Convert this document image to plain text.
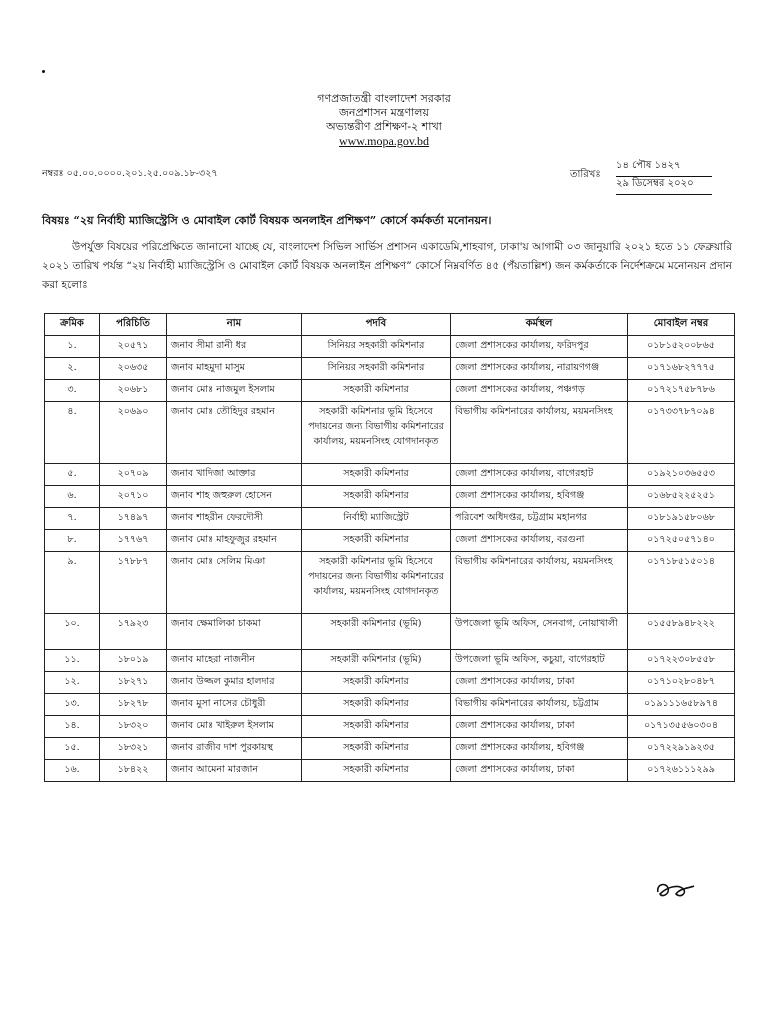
গণপ্রজাতন্ত্রী বাংলাদেশ সরকার
জনপ্রশাসন মন্ত্রণালয়
অভ্যন্তরীণ প্রশিক্ষণ-২ শাখা
www.mopa.gov.bd
নম্বরঃ ০৫.০০.০০০০.২০১.২৫.০০৯.১৮-৩২৭	তারিখঃ
১৪ পৌষ ১৪২৭
২৯ ডিসেম্বর ২০২০
বিষয়ঃ “২য় নির্বাহী ম্যাজিস্ট্রেসি ও মোবাইল কোর্ট বিষয়ক অনলাইন প্রশিক্ষণ” কোর্সে কর্মকর্তা মনোনয়ন।
উপর্যুক্ত বিষয়ের পরিপ্রেক্ষিতে জানানো যাচ্ছে যে, বাংলাদেশ সিভিল সার্ভিস প্রশাসন একাডেমি,শাহবাগ, ঢাকা'য় আগামী ০৩ জানুয়ারি ২০২১ হতে ১১ ফেব্রুয়ারি ২০২১ তারিখ পর্যন্ত “২য় নির্বাহী ম্যাজিস্ট্রেসি ও মোবাইল কোর্ট বিষয়ক অনলাইন প্রশিক্ষণ” কোর্সে নিম্নবর্ণিত ৪৫ (পঁয়তাল্লিশ) জন কর্মকর্তাকে নির্দেশক্রমে মনোনয়ন প্রদান করা হলোঃ
ক্রমিক	পরিচিতি	নাম	পদবি	কর্মস্থল	মোবাইল নম্বর
১.	২০৫৭১	জনাব সীমা রানী ধর	সিনিয়র সহকারী কমিশনার	জেলা প্রশাসকের কার্যালয়, ফরিদপুর	০১৮১৫২০০৮৬৫
২.	২০৬৩৫	জনাব মাহমুদা মাসুম	সিনিয়র সহকারী কমিশনার	জেলা প্রশাসকের কার্যালয়, নারায়ণগঞ্জ	০১৭১৬৮২৭৭৭৫
৩.	২০৬৮১	জনাব মোঃ নাজমুল ইসলাম	সহকারী কমিশনার	জেলা প্রশাসকের কার্যালয়, পঞ্চগড়	০১৭২১৭৫৮৭৮৬
৪.	২০৬৯০	জনাব মোঃ তৌহিদুর রহমান	সহকারী কমিশনার ভূমি হিসেবে পদায়নের জন্য বিভাগীয় কমিশনারের কার্যালয়, ময়মনসিংহ যোগদানকৃত	বিভাগীয় কমিশনারের কার্যালয়, ময়মনসিংহ	০১৭৩৩৭৮৭০৯৪
৫.	২০৭০৯	জনাব খাদিজা আক্তার	সহকারী কমিশনার	জেলা প্রশাসকের কার্যালয়, বাগেরহাট	০১৯২১০৩৬৫৫৩
৬.	২০৭১০	জনাব শাহ জহুরুল হোসেন	সহকারী কমিশনার	জেলা প্রশাসকের কার্যালয়, হবিগঞ্জ	০১৬৮৫২২৫২৫১
৭.	১৭৪৯৭	জনাব শাহরীন ফেরদৌসী	নির্বাহী ম্যাজিস্ট্রেট	পরিবেশ অধিদপ্তর, চট্টগ্রাম মহানগর	০১৮১৯১৫৮০৬৮
৮.	১৭৭৬৭	জনাব মোঃ মাহফুজুর রহমান	সহকারী কমিশনার	জেলা প্রশাসকের কার্যালয়, বরগুনা	০১৭২৫০৫৭১৪০
৯.	১৭৮৮৭	জনাব মোঃ সেলিম মিঞা	সহকারী কমিশনার ভূমি হিসেবে পদায়নের জন্য বিভাগীয় কমিশনারের কার্যালয়, ময়মনসিংহ যোগদানকৃত	বিভাগীয় কমিশনারের কার্যালয়, ময়মনসিংহ	০১৭১৮৫১৫০১৪
১০.	১৭৯২৩	জনাব ক্ষেমালিকা চাকমা	সহকারী কমিশনার (ভূমি)	উপজেলা ভূমি অফিস, সেনবাগ, নোয়াখালী	০১৫৫৮৯৪৮২২২
১১.	১৮০১৯	জনাব মাহেরা নাজনীন	সহকারী কমিশনার (ভূমি)	উপজেলা ভূমি অফিস, কচুয়া, বাগেরহাট	০১৭২২৩০৮৫৫৮
১২.	১৮২৭১	জনাব উজ্জল কুমার হালদার	সহকারী কমিশনার	জেলা প্রশাসকের কার্যালয়, ঢাকা	০১৭১০২৮০৪৮৭
১৩.	১৮২৭৮	জনাব মুসা নাসের চৌধুরী	সহকারী কমিশনার	বিভাগীয় কমিশনারের কার্যালয়, চট্টগ্রাম	০১৯১১১৬৫৮৯৭৪
১৪.	১৮৩২০	জনাব মোঃ খাইরুল ইসলাম	সহকারী কমিশনার	জেলা প্রশাসকের কার্যালয়, ঢাকা	০১৭১৩৫৫৬০৩০৪
১৫.	১৮৩২১	জনাব রাজীব দাশ পুরকায়স্থ	সহকারী কমিশনার	জেলা প্রশাসকের কার্যালয়, হবিগঞ্জ	০১৭২২৯১৯২৩৫
১৬.	১৮৪২২	জনাব আমেনা মারজান	সহকারী কমিশনার	জেলা প্রশাসকের কার্যালয়, ঢাকা	০১৭২৬১১১২৯৯
